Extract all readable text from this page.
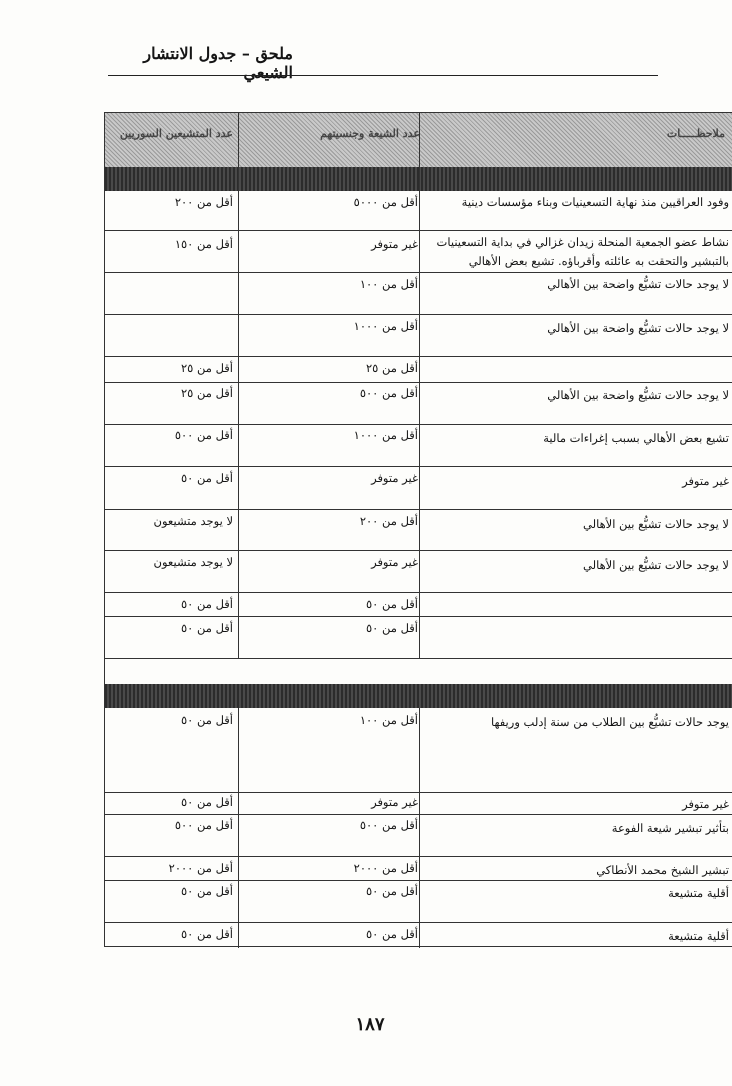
ملحق – جدول الانتشار الشيعي
ملاحظـــــات
عدد الشيعة وجنسيتهم
عدد المتشيعين السوريين
وفود العراقيين منذ نهاية التسعينيات وبناء مؤسسات دينية
أقل من ٥٠٠٠
أقل من ٢٠٠
نشاط عضو الجمعية المنحلة زيدان غزالي في بداية التسعينيات بالتبشير والتحقت به عائلته وأقرباؤه. تشيع بعض الأهالي
غير متوفر
أقل من ١٥٠
لا يوجد حالات تشيُّع واضحة بين الأهالي
أقل من ١٠٠
لا يوجد حالات تشيُّع واضحة بين الأهالي
أقل من ١٠٠٠
أقل من ٢٥
أقل من ٢٥
لا يوجد حالات تشيُّع واضحة بين الأهالي
أقل من ٥٠٠
أقل من ٢٥
تشيع بعض الأهالي بسبب إغراءات مالية
أقل من ١٠٠٠
أقل من ٥٠٠
غير متوفر
غير متوفر
أقل من ٥٠
لا يوجد حالات تشيُّع بين الأهالي
أقل من ٢٠٠
لا يوجد متشيعون
لا يوجد حالات تشيُّع بين الأهالي
غير متوفر
لا يوجد متشيعون
أقل من ٥٠
أقل من ٥٠
أقل من ٥٠
أقل من ٥٠
يوجد حالات تشيُّع بين الطلاب من سنة إدلب وريفها
أقل من ١٠٠
أقل من ٥٠
غير متوفر
غير متوفر
أقل من ٥٠
بتأثير تبشير شيعة الفوعة
أقل من ٥٠٠
أقل من ٥٠٠
تبشير الشيخ محمد الأنطاكي
أقل من ٢٠٠٠
أقل من ٢٠٠٠
أقلية متشيعة
أقل من ٥٠
أقل من ٥٠
أقلية متشيعة
أقل من ٥٠
أقل من ٥٠
١٨٧
